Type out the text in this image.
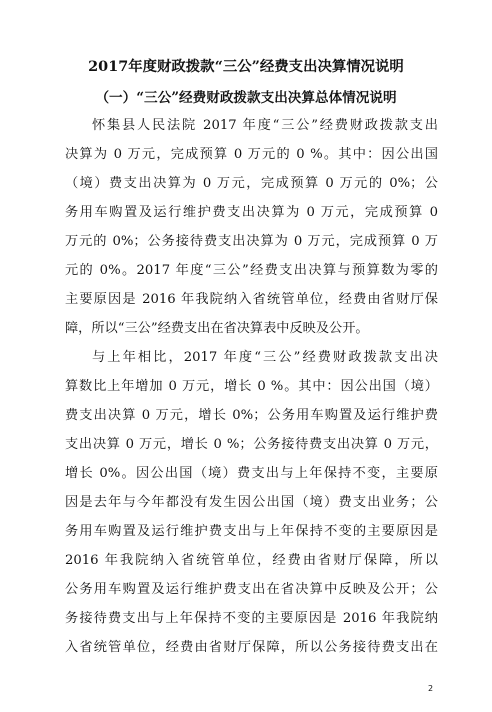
2017年度财政拨款“三公”经费支出决算情况说明
（一）“三公”经费财政拨款支出决算总体情况说明
怀集县人民法院 2017 年度“三公”经费财政拨款支出
决算为 0 万元，完成预算 0 万元的 0 %。其中：因公出国
（境）费支出决算为 0 万元，完成预算 0 万元的 0%；公
务用车购置及运行维护费支出决算为 0 万元，完成预算 0
万元的 0%；公务接待费支出决算为 0 万元，完成预算 0 万
元的 0%。2017 年度“三公”经费支出决算与预算数为零的
主要原因是 2016 年我院纳入省统管单位，经费由省财厅保
障，所以“三公”经费支出在省决算表中反映及公开。
与上年相比，2017 年度“三公”经费财政拨款支出决
算数比上年增加 0 万元，增长 0 %。其中：因公出国（境）
费支出决算 0 万元，增长 0%；公务用车购置及运行维护费
支出决算 0 万元，增长 0 %；公务接待费支出决算 0 万元，
增长 0%。因公出国（境）费支出与上年保持不变，主要原
因是去年与今年都没有发生因公出国（境）费支出业务；公
务用车购置及运行维护费支出与上年保持不变的主要原因是
2016 年我院纳入省统管单位，经费由省财厅保障，所以
公务用车购置及运行维护费支出在省决算中反映及公开；公
务接待费支出与上年保持不变的主要原因是 2016 年我院纳
入省统管单位，经费由省财厅保障，所以公务接待费支出在
2
